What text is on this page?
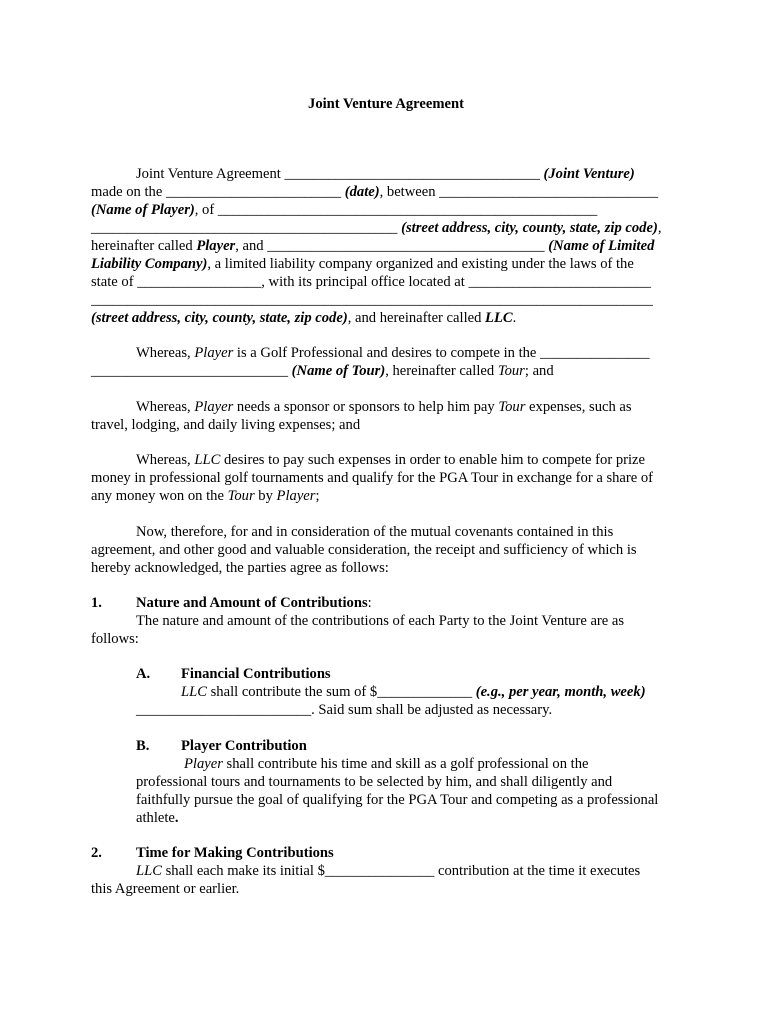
Joint Venture Agreement
Joint Venture Agreement ___________________________________ (Joint Venture)
made on the ________________________ (date), between ______________________________
(Name of Player), of ____________________________________________________
__________________________________________ (street address, city, county, state, zip code),
hereinafter called Player, and ______________________________________ (Name of Limited
Liability Company), a limited liability company organized and existing under the laws of the
state of _________________, with its principal office located at _________________________
_____________________________________________________________________________
(street address, city, county, state, zip code), and hereinafter called LLC.
Whereas, Player is a Golf Professional and desires to compete in the _______________
___________________________ (Name of Tour), hereinafter called Tour; and
Whereas, Player needs a sponsor or sponsors to help him pay Tour expenses, such as
travel, lodging, and daily living expenses; and
Whereas, LLC desires to pay such expenses in order to enable him to compete for prize
money in professional golf tournaments and qualify for the PGA Tour in exchange for a share of
any money won on the Tour by Player;
Now, therefore, for and in consideration of the mutual covenants contained in this
agreement, and other good and valuable consideration, the receipt and sufficiency of which is
hereby acknowledged, the parties agree as follows:
1. Nature and Amount of Contributions:
The nature and amount of the contributions of each Party to the Joint Venture are as
follows:
A. Financial Contributions
LLC shall contribute the sum of $_____________ (e.g., per year, month, week)
________________________. Said sum shall be adjusted as necessary.
B. Player Contribution
Player shall contribute his time and skill as a golf professional on the
professional tours and tournaments to be selected by him, and shall diligently and
faithfully pursue the goal of qualifying for the PGA Tour and competing as a professional
athlete.
2. Time for Making Contributions
LLC shall each make its initial $_______________ contribution at the time it executes
this Agreement or earlier.
